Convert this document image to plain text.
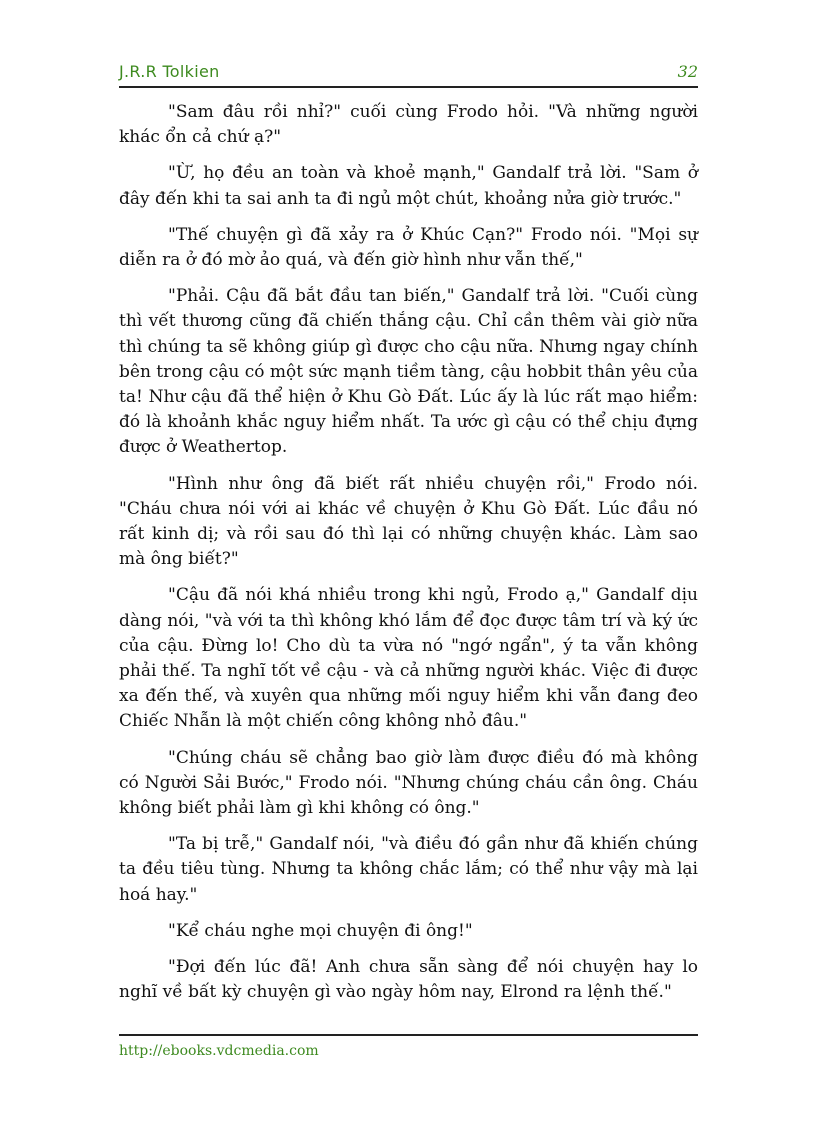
J.R.R Tolkien	32

"Sam đâu rồi nhỉ?" cuối cùng Frodo hỏi. "Và những người khác ổn cả chứ ạ?"

"Ừ, họ đều an toàn và khoẻ mạnh," Gandalf trả lời. "Sam ở đây đến khi ta sai anh ta đi ngủ một chút, khoảng nửa giờ trước."

"Thế chuyện gì đã xảy ra ở Khúc Cạn?" Frodo nói. "Mọi sự diễn ra ở đó mờ ảo quá, và đến giờ hình như vẫn thế,"

"Phải. Cậu đã bắt đầu tan biến," Gandalf trả lời. "Cuối cùng thì vết thương cũng đã chiến thắng cậu. Chỉ cần thêm vài giờ nữa thì chúng ta sẽ không giúp gì được cho cậu nữa. Nhưng ngay chính bên trong cậu có một sức mạnh tiềm tàng, cậu hobbit thân yêu của ta! Như cậu đã thể hiện ở Khu Gò Đất. Lúc ấy là lúc rất mạo hiểm: đó là khoảnh khắc nguy hiểm nhất. Ta ước gì cậu có thể chịu đựng được ở Weathertop.

"Hình như ông đã biết rất nhiều chuyện rồi," Frodo nói. "Cháu chưa nói với ai khác về chuyện ở Khu Gò Đất. Lúc đầu nó rất kinh dị; và rồi sau đó thì lại có những chuyện khác. Làm sao mà ông biết?"

"Cậu đã nói khá nhiều trong khi ngủ, Frodo ạ," Gandalf dịu dàng nói, "và với ta thì không khó lắm để đọc được tâm trí và ký ức của cậu. Đừng lo! Cho dù ta vừa nó "ngớ ngẩn", ý ta vẫn không phải thế. Ta nghĩ tốt về cậu - và cả những người khác. Việc đi được xa đến thế, và xuyên qua những mối nguy hiểm khi vẫn đang đeo Chiếc Nhẫn là một chiến công không nhỏ đâu."

"Chúng cháu sẽ chẳng bao giờ làm được điều đó mà không có Người Sải Bước," Frodo nói. "Nhưng chúng cháu cần ông. Cháu không biết phải làm gì khi không có ông."

"Ta bị trễ," Gandalf nói, "và điều đó gần như đã khiến chúng ta đều tiêu tùng. Nhưng ta không chắc lắm; có thể như vậy mà lại hoá hay."

"Kể cháu nghe mọi chuyện đi ông!"

"Đợi đến lúc đã! Anh chưa sẵn sàng để nói chuyện hay lo nghĩ về bất kỳ chuyện gì vào ngày hôm nay, Elrond ra lệnh thế."

http://ebooks.vdcmedia.com
